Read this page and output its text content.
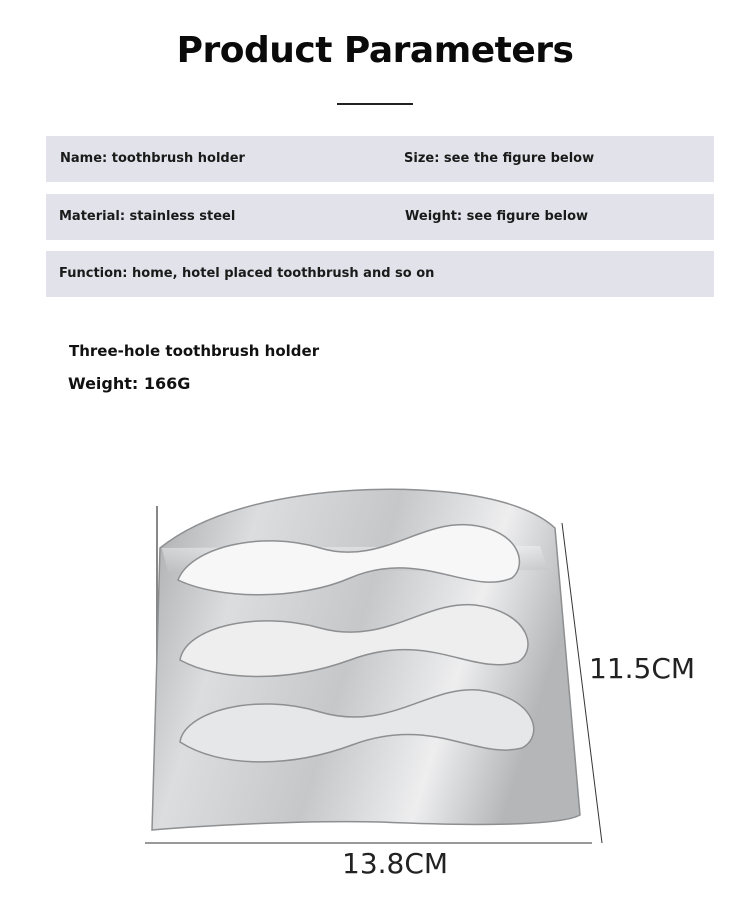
Product Parameters
Name: toothbrush holder	Size: see the figure below
Material: stainless steel	Weight: see figure below
Function: home, hotel placed toothbrush and so on
Three-hole toothbrush holder
Weight: 166G
13.8CM
11.5CM
